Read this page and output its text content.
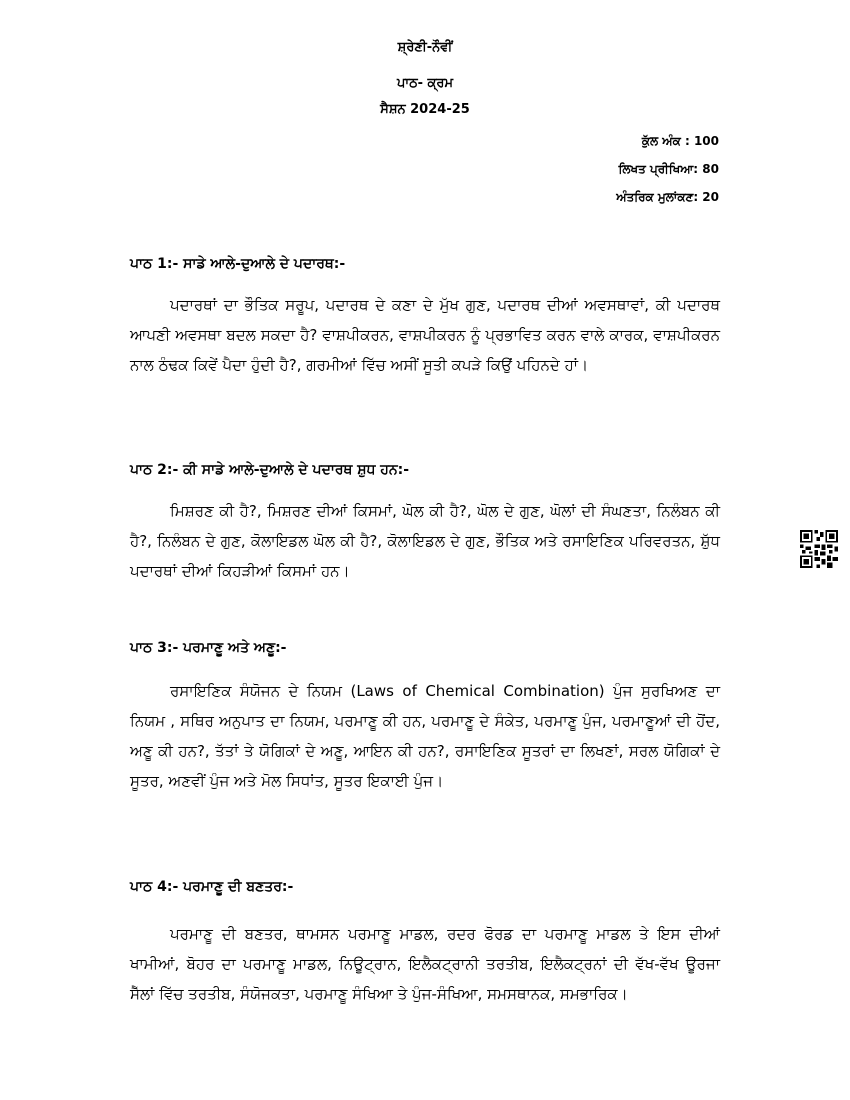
ਸ਼੍ਰੇਣੀ-ਨੌਵੀਂ

ਪਾਠ- ਕ੍ਰਮ

ਸੈਸ਼ਨ 2024-25

ਕੁੱਲ ਅੰਕ : 100
ਲਿਖਤ ਪ੍ਰੀਖਿਆ: 80
ਅੰਤਰਿਕ ਮੁਲਾਂਕਣ: 20
ਪਾਠ 1:- ਸਾਡੇ ਆਲੇ-ਦੁਆਲੇ ਦੇ ਪਦਾਰਥ:-

ਪਦਾਰਥਾਂ ਦਾ ਭੌਤਿਕ ਸਰੂਪ, ਪਦਾਰਥ ਦੇ ਕਣਾ ਦੇ ਮੁੱਖ ਗੁਣ, ਪਦਾਰਥ ਦੀਆਂ ਅਵਸਥਾਵਾਂ, ਕੀ ਪਦਾਰਥ ਆਪਣੀ ਅਵਸਥਾ ਬਦਲ ਸਕਦਾ ਹੈ? ਵਾਸ਼ਪੀਕਰਨ, ਵਾਸ਼ਪੀਕਰਨ ਨੂੰ ਪ੍ਰਭਾਵਿਤ ਕਰਨ ਵਾਲੇ ਕਾਰਕ, ਵਾਸ਼ਪੀਕਰਨ ਨਾਲ ਠੰਢਕ ਕਿਵੇਂ ਪੈਦਾ ਹੁੰਦੀ ਹੈ?, ਗਰਮੀਆਂ ਵਿੱਚ ਅਸੀਂ ਸੂਤੀ ਕਪੜੇ ਕਿਉਂ ਪਹਿਨਦੇ ਹਾਂ।

ਪਾਠ 2:- ਕੀ ਸਾਡੇ ਆਲੇ-ਦੁਆਲੇ ਦੇ ਪਦਾਰਥ ਸ਼ੁਧ ਹਨ:-

ਮਿਸ਼ਰਣ ਕੀ ਹੈ?, ਮਿਸ਼ਰਣ ਦੀਆਂ ਕਿਸਮਾਂ, ਘੋਲ ਕੀ ਹੈ?, ਘੋਲ ਦੇ ਗੁਣ, ਘੋਲਾਂ ਦੀ ਸੰਘਣਤਾ, ਨਿਲੰਬਨ ਕੀ ਹੈ?, ਨਿਲੰਬਨ ਦੇ ਗੁਣ, ਕੋਲਾਇਡਲ ਘੋਲ ਕੀ ਹੈ?, ਕੋਲਾਇਡਲ ਦੇ ਗੁਣ, ਭੌਤਿਕ ਅਤੇ ਰਸਾਇਣਿਕ ਪਰਿਵਰਤਨ, ਸ਼ੁੱਧ ਪਦਾਰਥਾਂ ਦੀਆਂ ਕਿਹੜੀਆਂ ਕਿਸਮਾਂ ਹਨ।

ਪਾਠ 3:- ਪਰਮਾਣੂ ਅਤੇ ਅਣੂ:-

ਰਸਾਇਣਿਕ ਸੰਯੋਜਨ ਦੇ ਨਿਯਮ (Laws of Chemical Combination) ਪੁੰਜ ਸੁਰਖਿਅਣ ਦਾ ਨਿਯਮ , ਸਥਿਰ ਅਨੁਪਾਤ ਦਾ ਨਿਯਮ, ਪਰਮਾਣੂ ਕੀ ਹਨ, ਪਰਮਾਣੂ ਦੇ ਸੰਕੇਤ, ਪਰਮਾਣੂ ਪੁੰਜ, ਪਰਮਾਣੂਆਂ ਦੀ ਹੋਂਦ, ਅਣੂ ਕੀ ਹਨ?, ਤੱਤਾਂ ਤੇ ਯੋਗਿਕਾਂ ਦੇ ਅਣੂ, ਆਇਨ ਕੀ ਹਨ?, ਰਸਾਇਣਿਕ ਸੂਤਰਾਂ ਦਾ ਲਿਖਣਾਂ, ਸਰਲ ਯੋਗਿਕਾਂ ਦੇ ਸੂਤਰ, ਅਣਵੀਂ ਪੁੰਜ ਅਤੇ ਮੋਲ ਸਿਧਾਂਤ, ਸੂਤਰ ਇਕਾਈ ਪੁੰਜ।

ਪਾਠ 4:- ਪਰਮਾਣੂ ਦੀ ਬਣਤਰ:-

ਪਰਮਾਣੂ ਦੀ ਬਣਤਰ, ਥਾਮਸਨ ਪਰਮਾਣੂ ਮਾਡਲ, ਰਦਰ ਫੋਰਡ ਦਾ ਪਰਮਾਣੂ ਮਾਡਲ ਤੇ ਇਸ ਦੀਆਂ ਖਾਮੀਆਂ, ਬੋਹਰ ਦਾ ਪਰਮਾਣੂ ਮਾਡਲ, ਨਿਊਟ੍ਰਾਨ, ਇਲੈਕਟ੍ਰਾਨੀ ਤਰਤੀਬ, ਇਲੈਕਟ੍ਰਨਾਂ ਦੀ ਵੱਖ-ਵੱਖ ਊਰਜਾ ਸੈੱਲਾਂ ਵਿੱਚ ਤਰਤੀਬ, ਸੰਯੋਜਕਤਾ, ਪਰਮਾਣੂ ਸੰਖਿਆ ਤੇ ਪੁੰਜ-ਸੰਖਿਆ, ਸਮਸਥਾਨਕ, ਸਮਭਾਰਿਕ।
